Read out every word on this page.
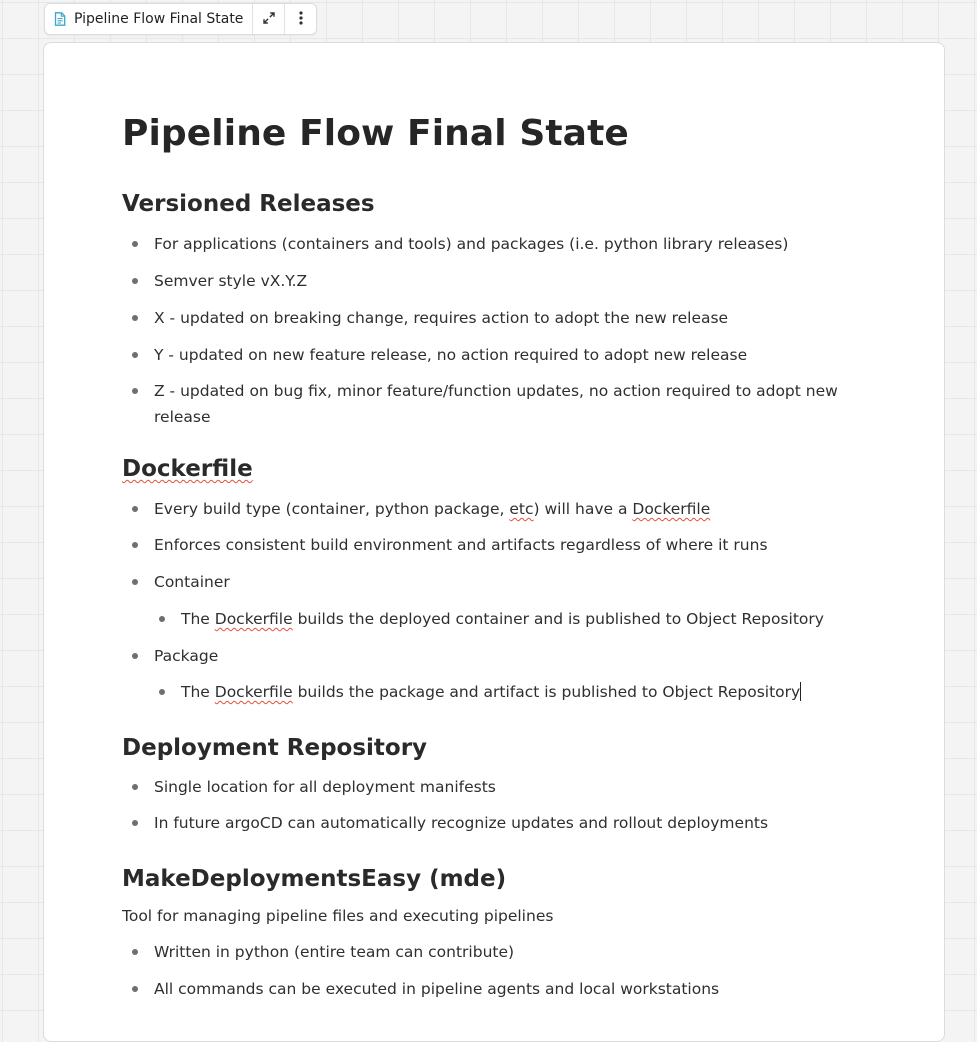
Pipeline Flow Final State
Pipeline Flow Final State
Versioned Releases
For applications (containers and tools) and packages (i.e. python library releases)
Semver style vX.Y.Z
X - updated on breaking change, requires action to adopt the new release
Y - updated on new feature release, no action required to adopt new release
Z - updated on bug fix, minor feature/function updates, no action required to adopt new
release
Dockerfile
Every build type (container, python package, etc) will have a Dockerfile
Enforces consistent build environment and artifacts regardless of where it runs
Container
The Dockerfile builds the deployed container and is published to Object Repository
Package
The Dockerfile builds the package and artifact is published to Object Repository
Deployment Repository
Single location for all deployment manifests
In future argoCD can automatically recognize updates and rollout deployments
MakeDeploymentsEasy (mde)
Tool for managing pipeline files and executing pipelines
Written in python (entire team can contribute)
All commands can be executed in pipeline agents and local workstations
